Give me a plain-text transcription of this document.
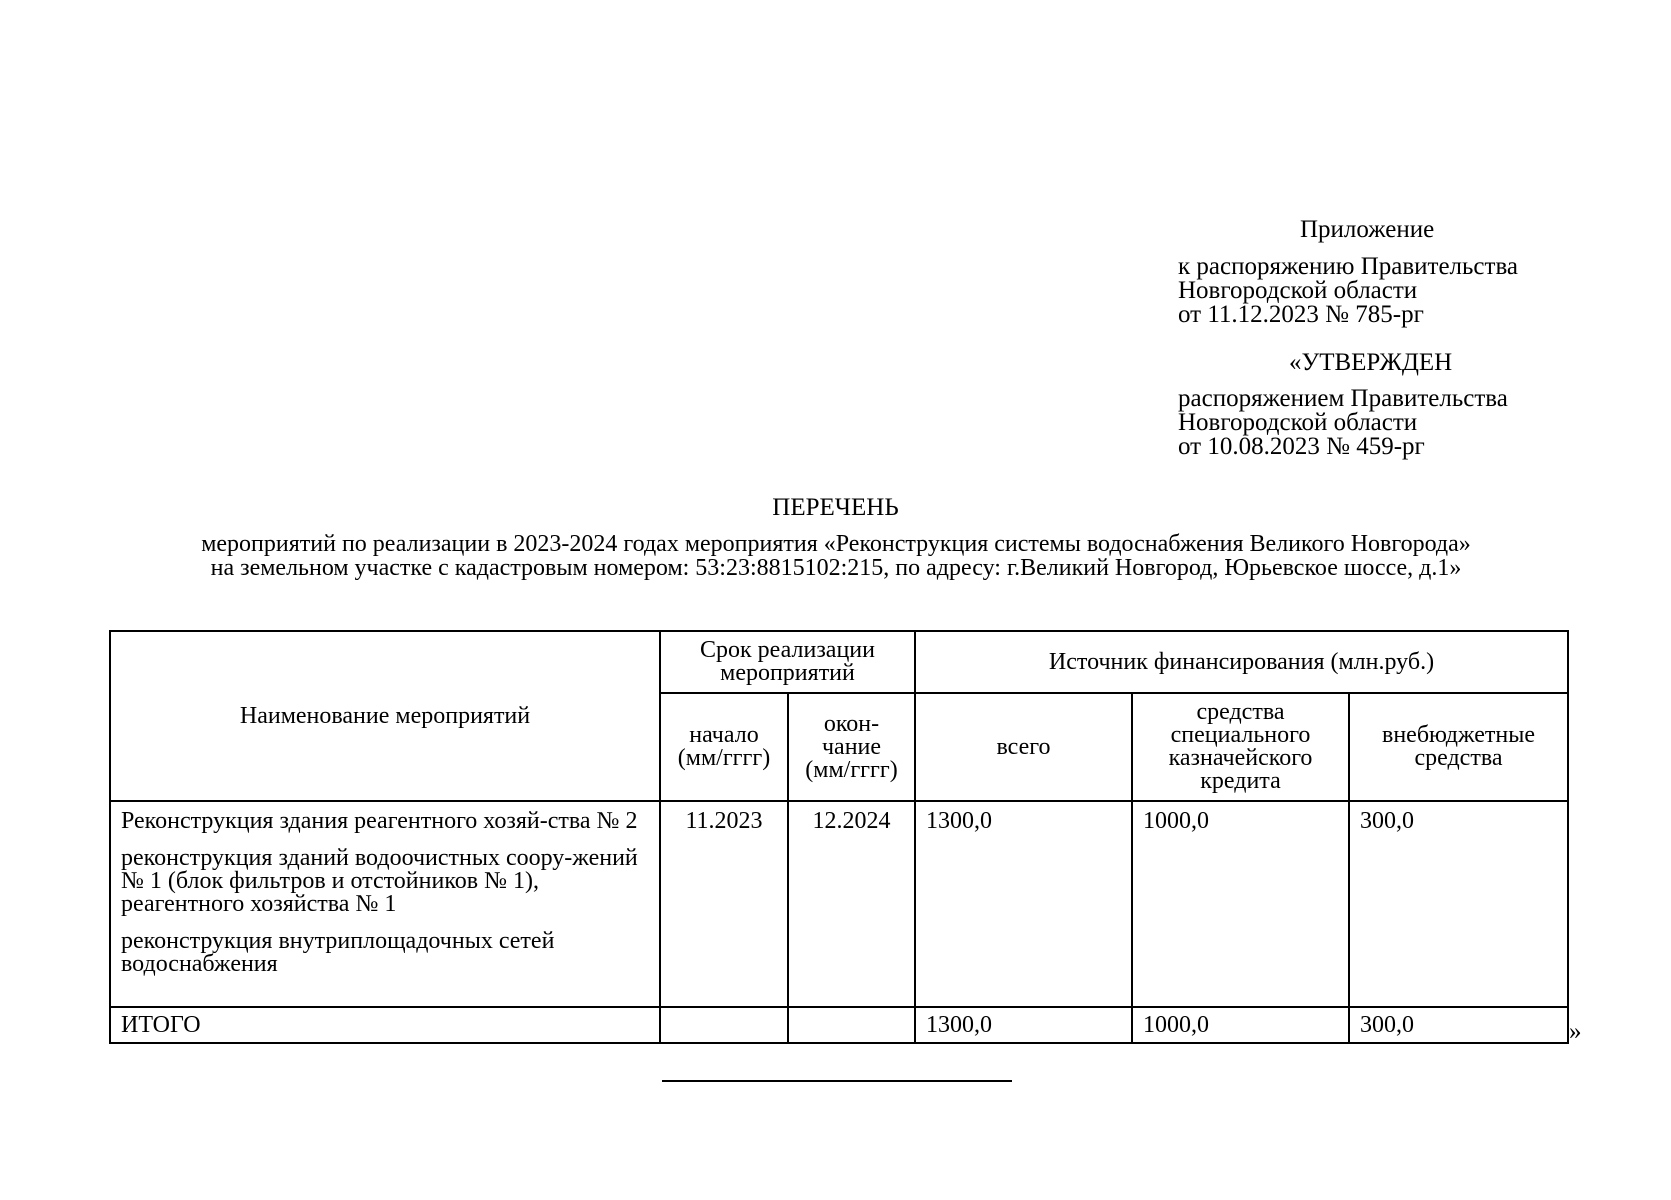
Приложение
к распоряжению Правительства
Новгородской области
от 11.12.2023 № 785-рг
«УТВЕРЖДЕН
распоряжением Правительства
Новгородской области
от 10.08.2023 № 459-рг
ПЕРЕЧЕНЬ
мероприятий по реализации в 2023-2024 годах мероприятия «Реконструкция системы водоснабжения Великого Новгорода»
на земельном участке с кадастровым номером: 53:23:8815102:215, по адресу: г.Великий Новгород, Юрьевское шоссе, д.1»
Наименование мероприятий	Срок реализации мероприятий		Источник финансирования (млн.руб.)		
	начало (мм/гггг)	окон-чание (мм/гггг)	всего	средства специального казначейского кредита	внебюджетные средства

Реконструкция здания реагентного хозяй-ства № 2
реконструкция зданий водоочистных соору-жений № 1 (блок фильтров и отстойников № 1), реагентного хозяйства № 1
реконструкция внутриплощадочных сетей водоснабжения	11.2023	12.2024	1300,0	1000,0	300,0
ИТОГО			1300,0	1000,0	300,0	»
